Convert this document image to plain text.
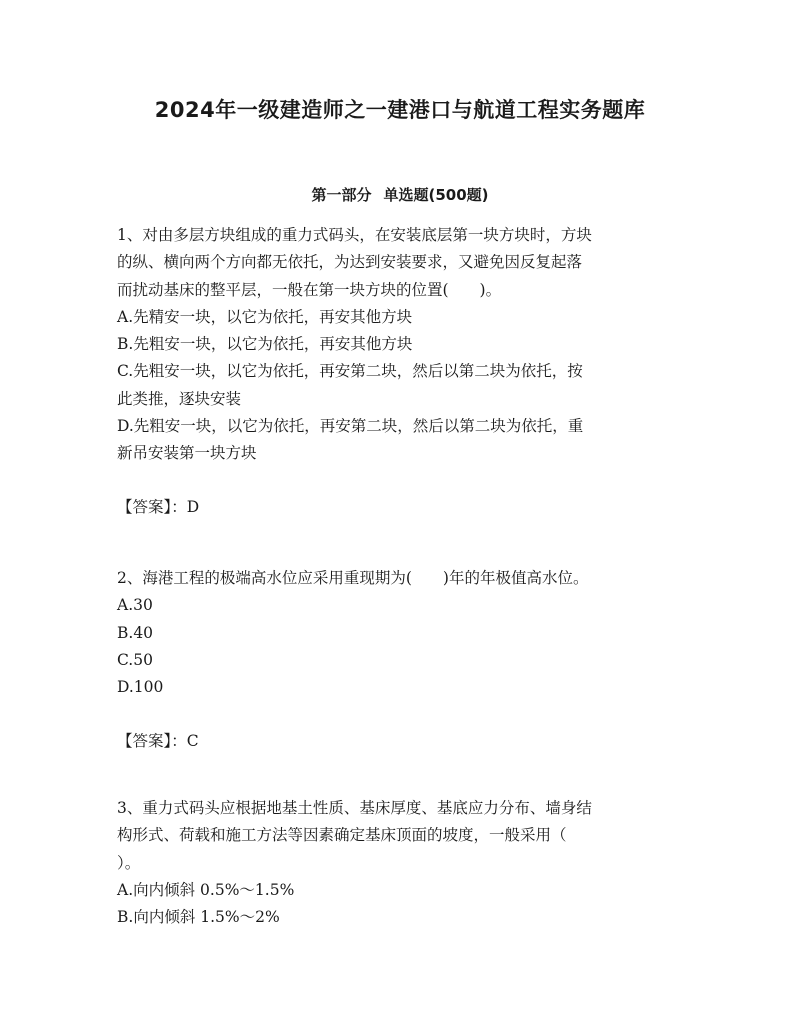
2024年一级建造师之一建港口与航道工程实务题库
第一部分 单选题(500题)
1、对由多层方块组成的重力式码头，在安装底层第一块方块时，方块
的纵、横向两个方向都无依托，为达到安装要求，又避免因反复起落
而扰动基床的整平层，一般在第一块方块的位置(　　)。
A.先精安一块，以它为依托，再安其他方块
B.先粗安一块，以它为依托，再安其他方块
C.先粗安一块，以它为依托，再安第二块，然后以第二块为依托，按
此类推，逐块安装
D.先粗安一块，以它为依托，再安第二块，然后以第二块为依托，重
新吊安装第一块方块
【答案】：D
2、海港工程的极端高水位应采用重现期为(　　)年的年极值高水位。
A.30
B.40
C.50
D.100
【答案】：C
3、重力式码头应根据地基土性质、基床厚度、基底应力分布、墙身结
构形式、荷载和施工方法等因素确定基床顶面的坡度，一般采用（
）。
A.向内倾斜 0.5%～1.5%
B.向内倾斜 1.5%～2%
